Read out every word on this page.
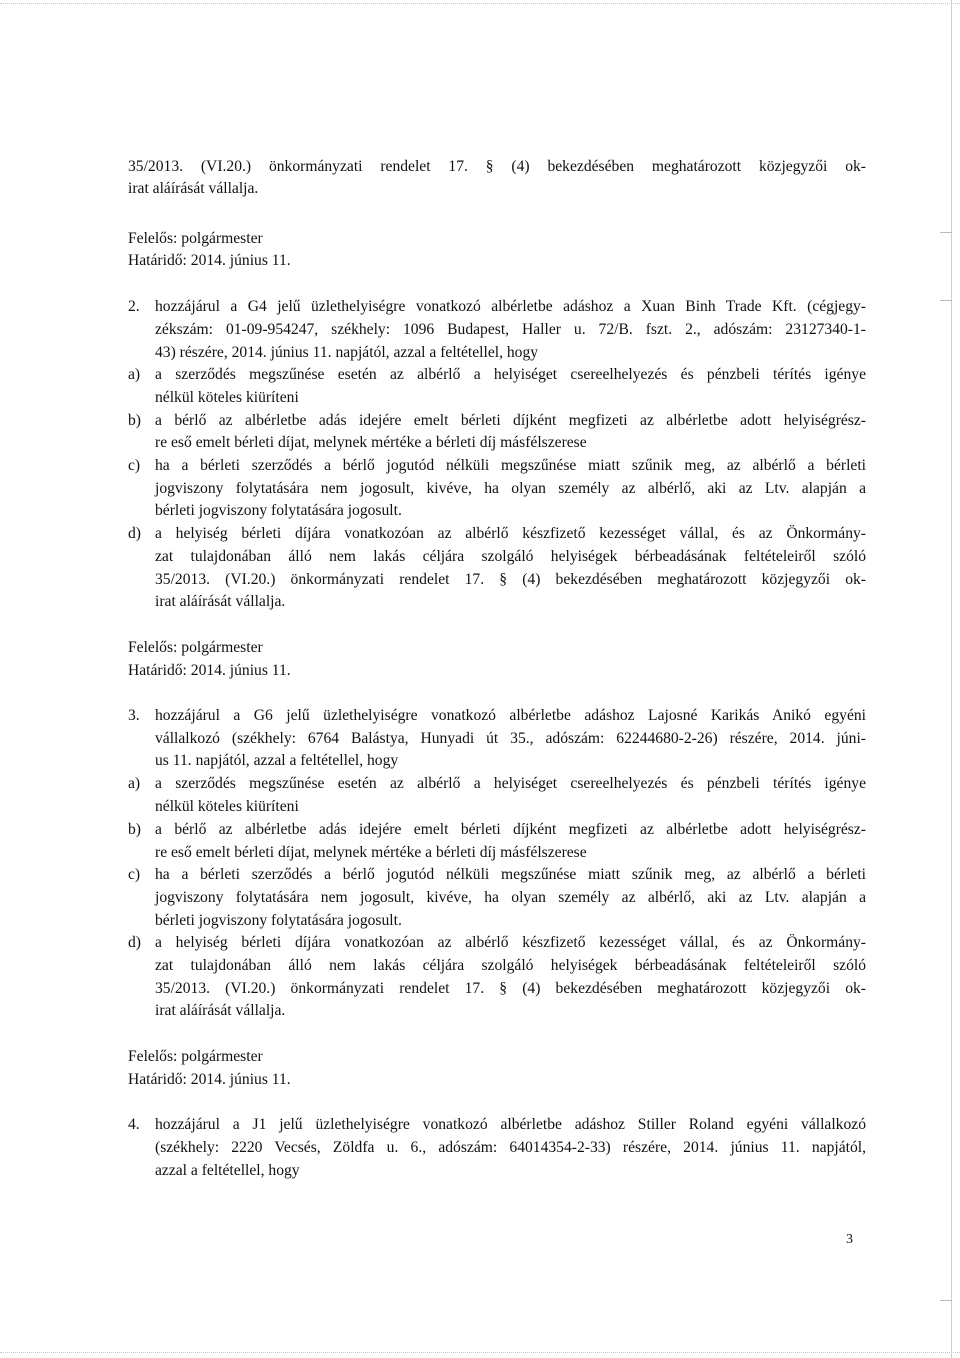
35/2013. (VI.20.) önkormányzati rendelet 17. § (4) bekezdésében meghatározott közjegyzői ok-
irat aláírását vállalja.
Felelős: polgármester
Határidő: 2014. június 11.
2. hozzájárul a G4 jelű üzlethelyiségre vonatkozó albérletbe adáshoz a Xuan Binh Trade Kft. (cégjegy-
zékszám: 01-09-954247, székhely: 1096 Budapest, Haller u. 72/B. fszt. 2., adószám: 23127340-1-
43) részére, 2014. június 11. napjától, azzal a feltétellel, hogy
a) a szerződés megszűnése esetén az albérlő a helyiséget csereelhelyezés és pénzbeli térítés igénye
nélkül köteles kiüríteni
b) a bérlő az albérletbe adás idejére emelt bérleti díjként megfizeti az albérletbe adott helyiségrész-
re eső emelt bérleti díjat, melynek mértéke a bérleti díj másfélszerese
c) ha a bérleti szerződés a bérlő jogutód nélküli megszűnése miatt szűnik meg, az albérlő a bérleti
jogviszony folytatására nem jogosult, kivéve, ha olyan személy az albérlő, aki az Ltv. alapján a
bérleti jogviszony folytatására jogosult.
d) a helyiség bérleti díjára vonatkozóan az albérlő készfizető kezességet vállal, és az Önkormány-
zat tulajdonában álló nem lakás céljára szolgáló helyiségek bérbeadásának feltételeiről szóló
35/2013. (VI.20.) önkormányzati rendelet 17. § (4) bekezdésében meghatározott közjegyzői ok-
irat aláírását vállalja.
Felelős: polgármester
Határidő: 2014. június 11.
3. hozzájárul a G6 jelű üzlethelyiségre vonatkozó albérletbe adáshoz Lajosné Karikás Anikó egyéni
vállalkozó (székhely: 6764 Balástya, Hunyadi út 35., adószám: 62244680-2-26) részére, 2014. júni-
us 11. napjától, azzal a feltétellel, hogy
a) a szerződés megszűnése esetén az albérlő a helyiséget csereelhelyezés és pénzbeli térítés igénye
nélkül köteles kiüríteni
b) a bérlő az albérletbe adás idejére emelt bérleti díjként megfizeti az albérletbe adott helyiségrész-
re eső emelt bérleti díjat, melynek mértéke a bérleti díj másfélszerese
c) ha a bérleti szerződés a bérlő jogutód nélküli megszűnése miatt szűnik meg, az albérlő a bérleti
jogviszony folytatására nem jogosult, kivéve, ha olyan személy az albérlő, aki az Ltv. alapján a
bérleti jogviszony folytatására jogosult.
d) a helyiség bérleti díjára vonatkozóan az albérlő készfizető kezességet vállal, és az Önkormány-
zat tulajdonában álló nem lakás céljára szolgáló helyiségek bérbeadásának feltételeiről szóló
35/2013. (VI.20.) önkormányzati rendelet 17. § (4) bekezdésében meghatározott közjegyzői ok-
irat aláírását vállalja.
Felelős: polgármester
Határidő: 2014. június 11.
4. hozzájárul a J1 jelű üzlethelyiségre vonatkozó albérletbe adáshoz Stiller Roland egyéni vállalkozó
(székhely: 2220 Vecsés, Zöldfa u. 6., adószám: 64014354-2-33) részére, 2014. június 11. napjától,
azzal a feltétellel, hogy
3
